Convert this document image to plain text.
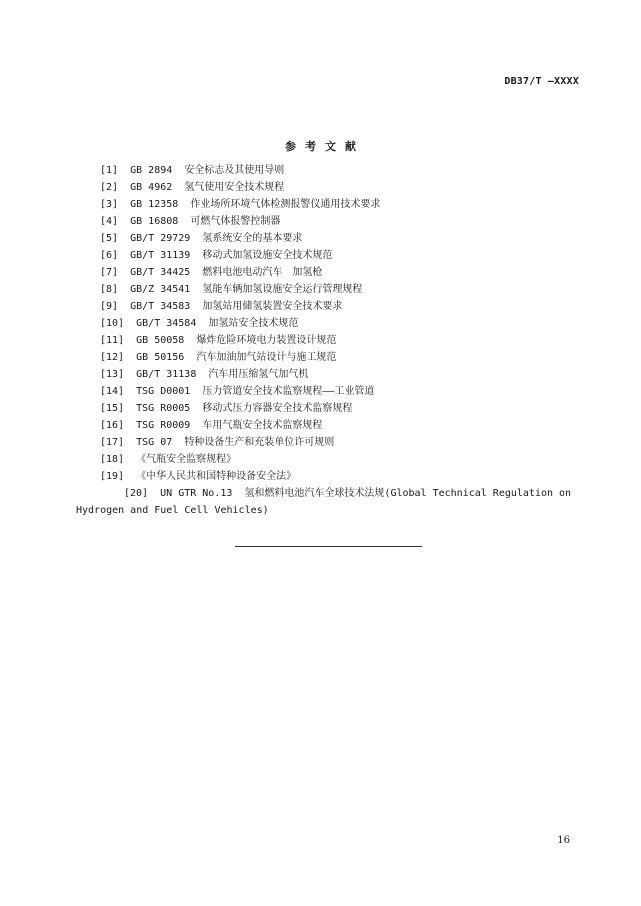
DB37/T —XXXX
参考文献
[1] GB 2894 安全标志及其使用导则
[2] GB 4962 氢气使用安全技术规程
[3] GB 12358 作业场所环境气体检测报警仪通用技术要求
[4] GB 16808 可燃气体报警控制器
[5] GB/T 29729 氢系统安全的基本要求
[6] GB/T 31139 移动式加氢设施安全技术规范
[7] GB/T 34425 燃料电池电动汽车　加氢枪
[8] GB/Z 34541 氢能车辆加氢设施安全运行管理规程
[9] GB/T 34583 加氢站用储氢装置安全技术要求
[10] GB/T 34584 加氢站安全技术规范
[11] GB 50058 爆炸危险环境电力装置设计规范
[12] GB 50156 汽车加油加气站设计与施工规范
[13] GB/T 31138 汽车用压缩氢气加气机
[14] TSG D0001 压力管道安全技术监察规程——工业管道
[15] TSG R0005 移动式压力容器安全技术监察规程
[16] TSG R0009 车用气瓶安全技术监察规程
[17] TSG 07 特种设备生产和充装单位许可规则
[18] 《气瓶安全监察规程》
[19] 《中华人民共和国特种设备安全法》
[20] UN GTR No.13 氢和燃料电池汽车全球技术法规(Global Technical Regulation on Hydrogen and Fuel Cell Vehicles)
16
